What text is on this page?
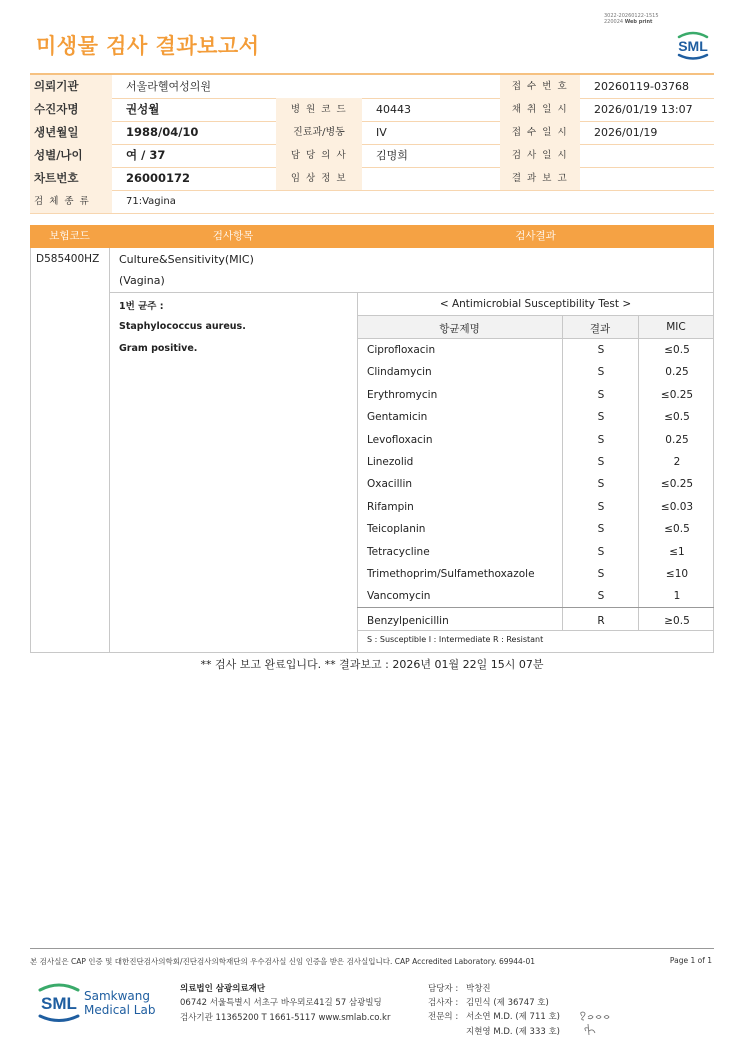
미생물 검사 결과보고서
3022-20260122-1515
220024 Web print
SML
의뢰기관	서울라헬여성의원	접 수 번 호	20260119-03768
수진자명	권성월	병 원 코 드	40443	채 취 일 시	2026/01/19 13:07
생년월일	1988/04/10	진료과/병동	IV	접 수 일 시	2026/01/19
성별/나이	여 / 37	담 당 의 사	김명희	검 사 일 시
차트번호	26000172	임 상 정 보	결 과 보 고
검 체 종 류	71:Vagina
보험코드	검사항목	검사결과
D585400HZ Culture&Sensitivity(MIC)
(Vagina)
1번 균주 :
Staphylococcus aureus.
Gram positive.
< Antimicrobial Susceptibility Test >
항균제명	결과	MIC
S : Susceptible I : Intermediate R : Resistant
Ciprofloxacin	S	≤0.5
Clindamycin	S	0.25
Erythromycin	S	≤0.25
Gentamicin	S	≤0.5
Levofloxacin	S	0.25
Linezolid	S	2
Oxacillin	S	≤0.25
Rifampin	S	≤0.03
Teicoplanin	S	≤0.5
Tetracycline	S	≤1
Trimethoprim/Sulfamethoxazole	S	≤10
Vancomycin	S	1
Benzylpenicillin	R	≥0.5
** 검사 보고 완료입니다. ** 결과보고 : 2026년 01월 22일 15시 07분
본 검사실은 CAP 인증 및 대한진단검사의학회/진단검사의학재단의 우수검사실 신임 인증을 받은 검사실입니다. CAP Accredited Laboratory. 69944-01	Page 1 of 1
SML Samkwang
Medical Lab
의료법인 삼광의료재단
06742 서울특별시 서초구 바우뫼로41길 57 삼광빌딩
검사기관 11365200 T 1661-5117 www.smlab.co.kr
담당자 : 박창진
검사자 : 김민식 (제 36747 호)
전문의 : 서소연 M.D. (제 711 호)
지현영 M.D. (제 333 호)
